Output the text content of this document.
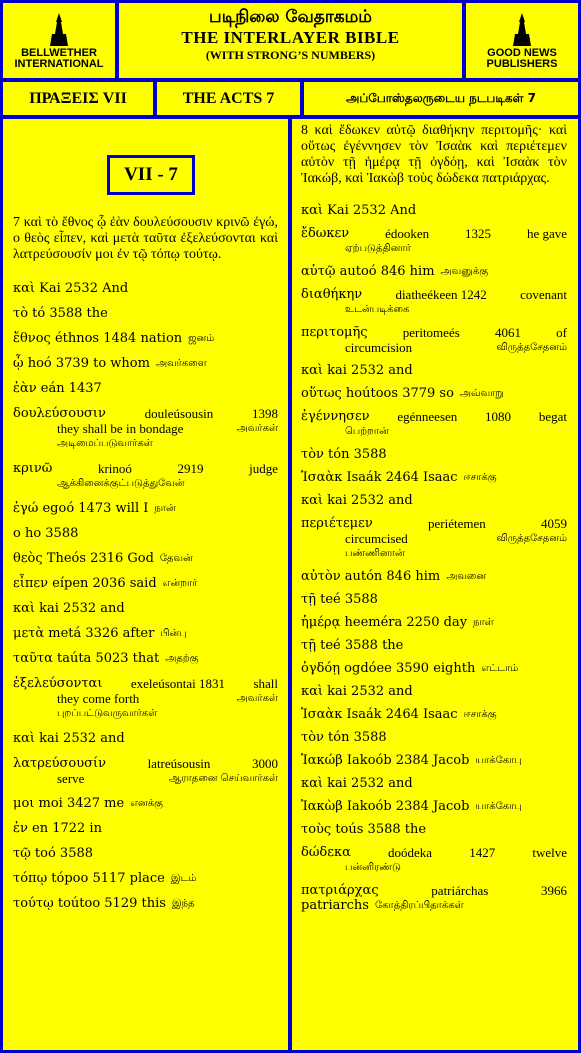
BELLWETHER
INTERNATIONAL
படிநிலை வேதாகமம்
THE INTERLAYER BIBLE
(WITH STRONG’S NUMBERS)	GOOD NEWS
PUBLISHERS
ΠΡΑΞΕΙΣ VII	THE ACTS 7	அப்போஸ்தலருடைய நடபடிகள் 7
VII - 7
7 καὶ τὸ ἔθνος ᾧ ἐὰν δουλεύσουσιν κρινῶ ἐγώ, ο θεὸς εἶπεν, καὶ μετὰ ταῦτα ἐξελεύσονται καὶ λατρεύσουσίν μοι ἐν τῷ τόπῳ τούτῳ.
καὶ Kai 2532 And
τὸ tó 3588 the
ἔθνος éthnos 1484 nation ஜனம்
ᾧ hoó 3739 to whom அவர்களை
ἐὰν eán 1437
δουλεύσουσιν	douleúsousin	1398
they shall be in bondage	அவர்கள்
அடிமைப்படுவார்கள்
κρινῶ	krinoó	2919	judge
ஆக்கினைக்குட்படுத்துவேன்
ἐγώ egoó 1473 will I நான்
ο ho 3588
θεὸς Theós 2316 God தேவன்
εἶπεν eípen 2036 said என்றார்
καὶ kai 2532 and
μετὰ metá 3326 after பின்பு
ταῦτα taúta 5023 that அதற்கு
ἐξελεύσονται exeleúsontai 1831 shall
they come forth	அவர்கள்
புறப்பட்டுவருவார்கள்
καὶ kai 2532 and
λατρεύσουσίν	latreúsousin	3000
serve	ஆராதனை செய்வார்கள்
μοι moi 3427 me எனக்கு
ἐν en 1722 in
τῷ toó 3588
τόπῳ tópoo 5117 place இடம்
τούτῳ toútoo 5129 this இந்த
8 καὶ ἔδωκεν αὐτῷ διαθήκην περιτομῆς· καὶ οὕτως ἐγέννησεν τὸν Ἰσαὰκ καὶ περιέτεμεν αὐτὸν τῇ ἡμέρᾳ τῇ ὀγδόῃ, καὶ Ἰσαὰκ τὸν Ἰακώβ, καὶ Ἰακὼβ τοὺς δώδεκα πατριάρχας.
καὶ Kai 2532 And
ἔδωκεν	édooken	1325	he gave
ஏற்படுத்தினார்
αὐτῷ autoó 846 him அவனுக்கு
διαθήκην	diatheékeen 1242	covenant
உடன்படிக்கை
περιτομῆς	peritomeés	4061	of
circumcision	விருத்தசேதனம்
καὶ kai 2532 and
οὕτως hoútoos 3779 so அவ்வாறு
ἐγέννησεν egénneesen 1080 begat
பெற்றான்
τὸν tón 3588
Ἰσαὰκ Isaák 2464 Isaac ஈசாக்கு
καὶ kai 2532 and
περιέτεμεν	periétemen	4059
circumcised	விருத்தசேதனம்
பண்ணினான்
αὐτὸν autón 846 him அவனை
τῇ teé 3588
ἡμέρᾳ heeméra 2250 day நாள்
τῇ teé 3588 the
ὀγδόῃ ogdóee 3590 eighth எட்டாம்
καὶ kai 2532 and
Ἰσαὰκ Isaák 2464 Isaac ஈசாக்கு
τὸν tón 3588
Ἰακώβ Iakoób 2384 Jacob யாக்கோபு
καὶ kai 2532 and
Ἰακὼβ Iakoób 2384 Jacob யாக்கோபு
τοὺς toús 3588 the
δώδεκα	doódeka	1427	twelve
பன்னிரண்டு
πατριάρχας	patriárchas	3966
patriarchs கோத்திரப்பிதாக்கள்
